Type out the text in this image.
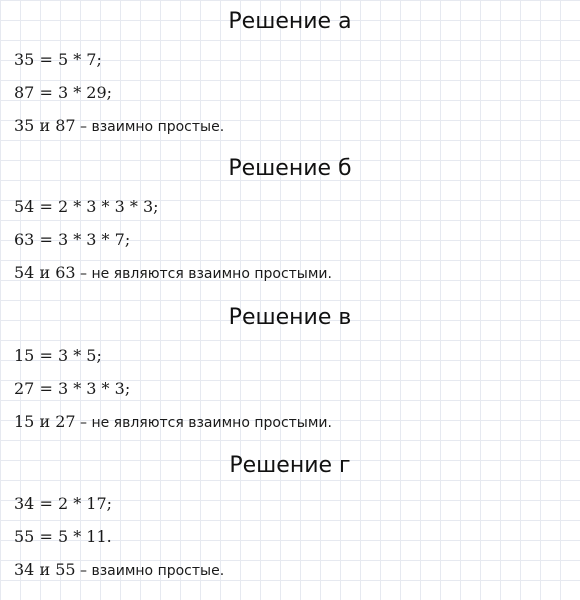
Решение а
35 = 5 * 7;
87 = 3 * 29;
35 и 87 – взаимно простые.
Решение б
54 = 2 * 3 * 3 * 3;
63 = 3 * 3 * 7;
54 и 63 – не являются взаимно простыми.
Решение в
15 = 3 * 5;
27 = 3 * 3 * 3;
15 и 27 – не являются взаимно простыми.
Решение г
34 = 2 * 17;
55 = 5 * 11.
34 и 55 – взаимно простые.
